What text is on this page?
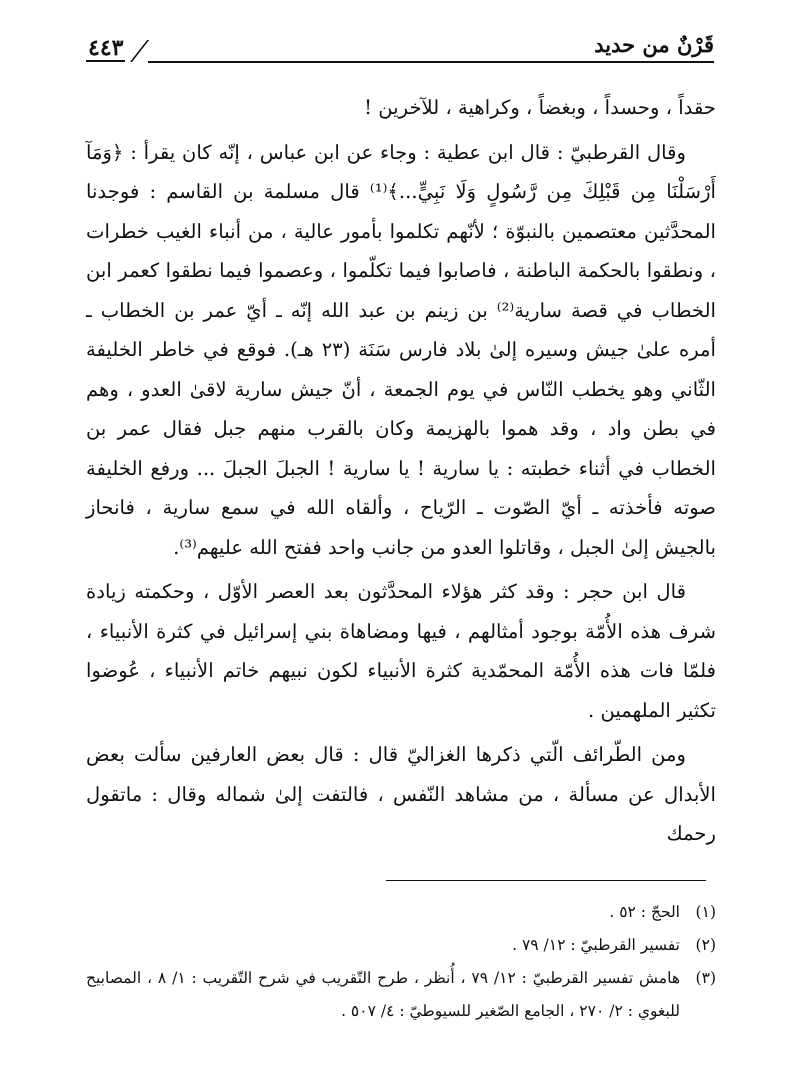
قَرْنٌ من حديد
٤٤٣

حقداً ، وحسداً ، وبغضاً ، وكراهية ، للآخرين !

وقال القرطبيّ : قال ابن عطية : وجاء عن ابن عباس ، إنّه كان يقرأ : ﴿وَمَآ أَرْسَلْنَا مِن قَبْلِكَ مِن رَّسُولٍ وَلَا نَبِيٍّ...﴾⁽¹⁾ قال مسلمة بن القاسم : فوجدنا المحدَّثين معتصمين بالنبوّة ؛ لأنّهم تكلموا بأمور عالية ، من أنباء الغيب خطرات ، ونطقوا بالحكمة الباطنة ، فاصابوا فيما تكلّموا ، وعصموا فيما نطقوا كعمر ابن الخطاب في قصة سارية⁽²⁾ بن زينم بن عبد الله إنّه ـ أيّ عمر بن الخطاب ـ أمره علىٰ جيش وسيره إلىٰ بلاد فارس سَنَة (٢٣ هـ). فوقع في خاطر الخليفة الثّاني وهو يخطب النّاس في يوم الجمعة ، أنّ جيش سارية لاقىٰ العدو ، وهم في بطن واد ، وقد هموا بالهزيمة وكان بالقرب منهم جبل فقال عمر بن الخطاب في أثناء خطبته : يا سارية ! يا سارية ! الجبلَ الجبلَ ... ورفع الخليفة صوته فأخذته ـ أيّ الصّوت ـ الرّياح ، وألقاه الله في سمع سارية ، فانحاز بالجيش إلىٰ الجبل ، وقاتلوا العدو من جانب واحد ففتح الله عليهم⁽³⁾.

قال ابن حجر : وقد كثر هؤلاء المحدَّثون بعد العصر الأوّل ، وحكمته زيادة شرف هذه الأُمّة بوجود أمثالهم ، فيها ومضاهاة بني إسرائيل في كثرة الأنبياء ، فلمّا فات هذه الأُمّة المحمّدية كثرة الأنبياء لكون نبيهم خاتم الأنبياء ، عُوضوا تكثير الملهمين .

ومن الطّرائف الّتي ذكرها الغزاليّ قال : قال بعض العارفين سألت بعض الأبدال عن مسألة ، من مشاهد النّفس ، فالتفت إلىٰ شماله وقال : ماتقول رحمك

(١)
الحجّ : ٥٢ .
(٢)
تفسير القرطبيّ : ١٢/ ٧٩ .
(٣)
هامش تفسير القرطبيّ : ١٢/ ٧٩ ، أُنظر ، طرح التّقريب في شرح التّقريب : ١/ ٨ ، المصابيح للبغوي : ٢/ ٢٧٠ ، الجامع الصّغير للسيوطيّ : ٤/ ٥٠٧ .
